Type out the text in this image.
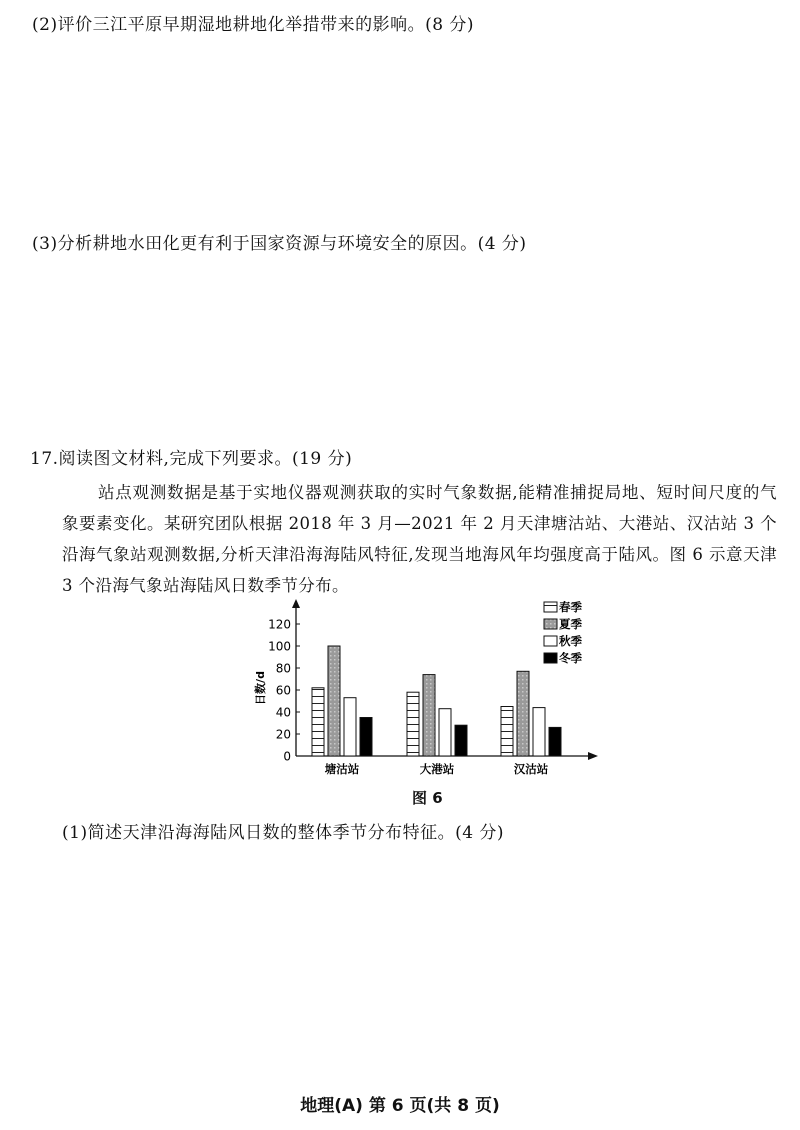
(2)评价三江平原早期湿地耕地化举措带来的影响。(8 分)
(3)分析耕地水田化更有利于国家资源与环境安全的原因。(4 分)
17.阅读图文材料,完成下列要求。(19 分)

站点观测数据是基于实地仪器观测获取的实时气象数据,能精准捕捉局地、短时间尺度的气象要素变化。某研究团队根据 2018 年 3 月—2021 年 2 月天津塘沽站、大港站、汉沽站 3 个沿海气象站观测数据,分析天津沿海海陆风特征,发现当地海风年均强度高于陆风。图 6 示意天津 3 个沿海气象站海陆风日数季节分布。

0
20
40
60
80
100
120
日数/d
塘沽站	大港站	汉沽站
春季
夏季
秋季
冬季
图 6
(1)简述天津沿海海陆风日数的整体季节分布特征。(4 分)
地理(A) 第 6 页(共 8 页)
